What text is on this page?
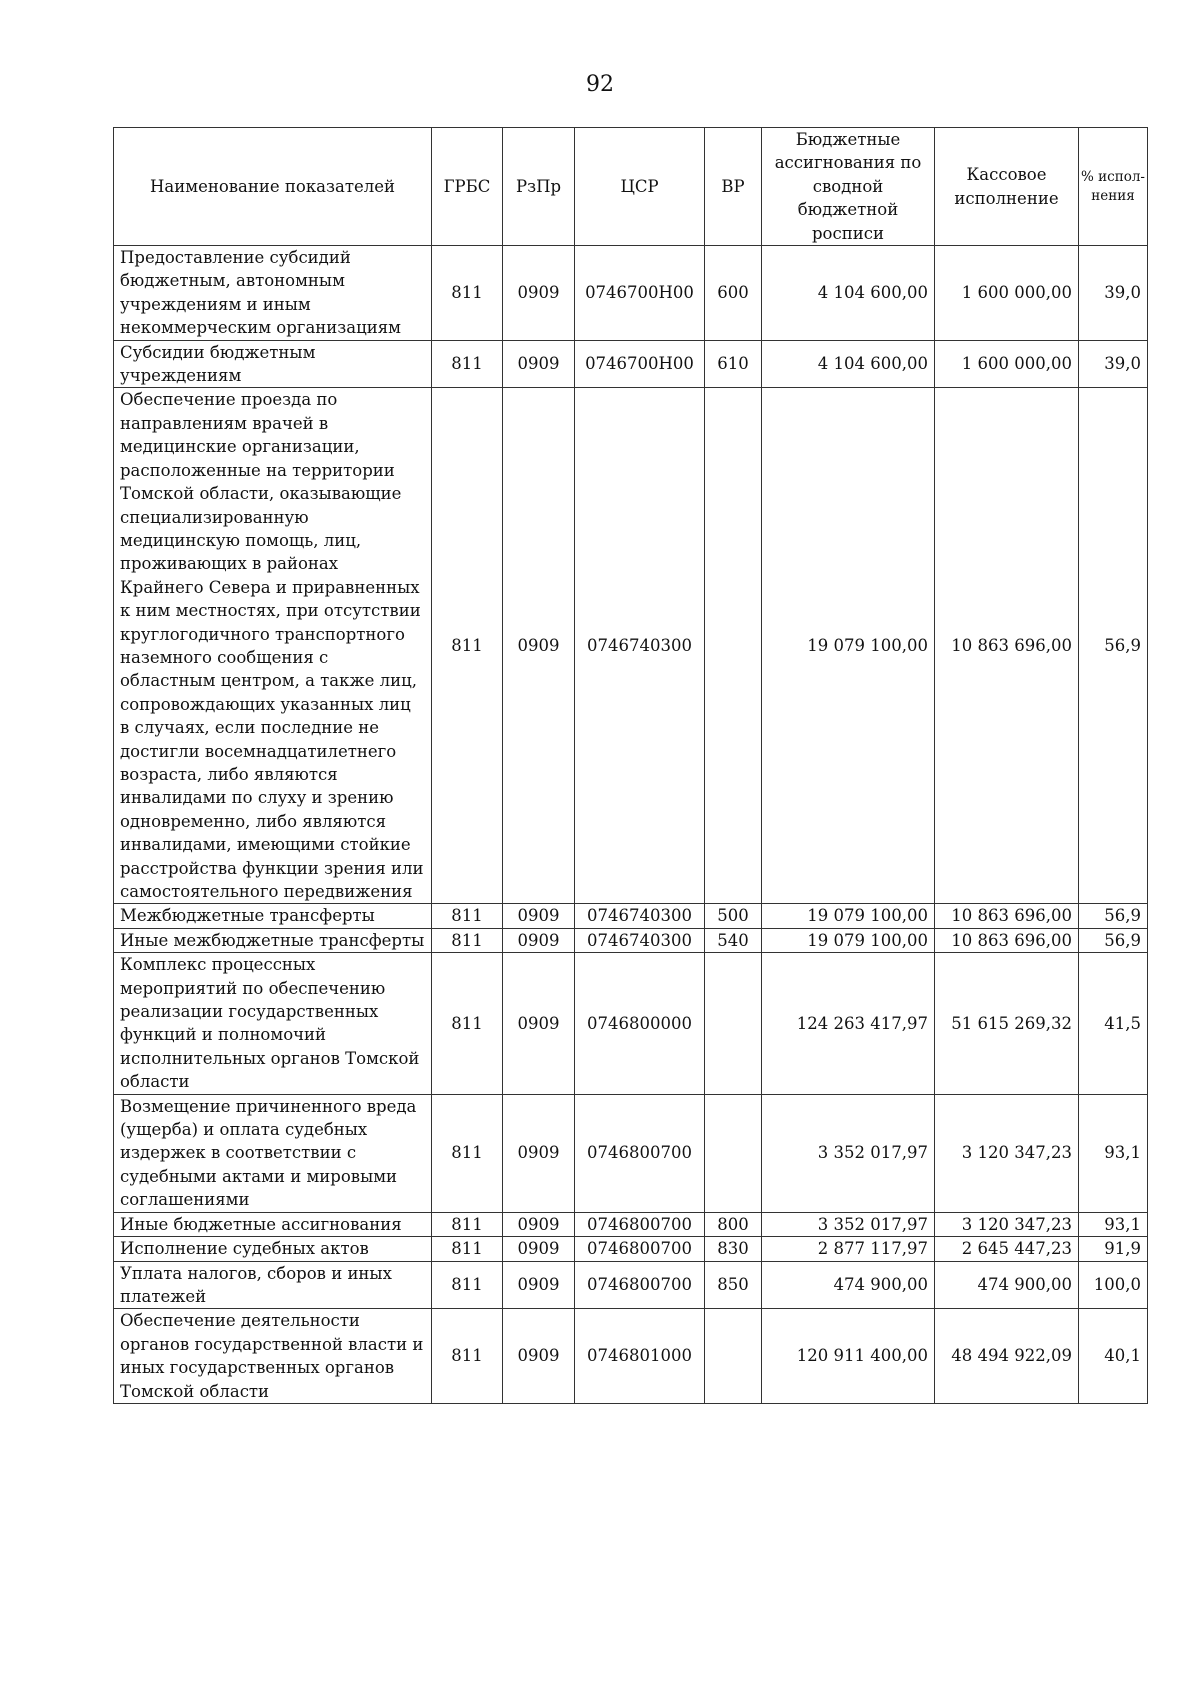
92
Наименование показателей	ГРБС	РзПр	ЦСР	ВР	Бюджетные ассигнования по сводной бюджетной росписи	Кассовое исполнение	% испол- нения
Предоставление субсидий бюджетным, автономным учреждениям и иным некоммерческим организациям	811	0909	0746700Н00	600	4 104 600,00	1 600 000,00	39,0
Субсидии бюджетным учреждениям	811	0909	0746700Н00	610	4 104 600,00	1 600 000,00	39,0
Обеспечение проезда по направлениям врачей в медицинские организации, расположенные на территории Томской области, оказывающие специализированную медицинскую помощь, лиц, проживающих в районах Крайнего Севера и приравненных к ним местностях, при отсутствии круглогодичного транспортного наземного сообщения с областным центром, а также лиц, сопровождающих указанных лиц в случаях, если последние не достигли восемнадцатилетнего возраста, либо являются инвалидами по слуху и зрению одновременно, либо являются инвалидами, имеющими стойкие расстройства функции зрения или самостоятельного передвижения	811	0909	0746740300		19 079 100,00	10 863 696,00	56,9
Межбюджетные трансферты	811	0909	0746740300	500	19 079 100,00	10 863 696,00	56,9
Иные межбюджетные трансферты	811	0909	0746740300	540	19 079 100,00	10 863 696,00	56,9
Комплекс процессных мероприятий по обеспечению реализации государственных функций и полномочий исполнительных органов Томской области	811	0909	0746800000		124 263 417,97	51 615 269,32	41,5
Возмещение причиненного вреда (ущерба) и оплата судебных издержек в соответствии с судебными актами и мировыми соглашениями	811	0909	0746800700		3 352 017,97	3 120 347,23	93,1
Иные бюджетные ассигнования	811	0909	0746800700	800	3 352 017,97	3 120 347,23	93,1
Исполнение судебных актов	811	0909	0746800700	830	2 877 117,97	2 645 447,23	91,9
Уплата налогов, сборов и иных платежей	811	0909	0746800700	850	474 900,00	474 900,00	100,0
Обеспечение деятельности органов государственной власти и иных государственных органов Томской области	811	0909	0746801000		120 911 400,00	48 494 922,09	40,1
